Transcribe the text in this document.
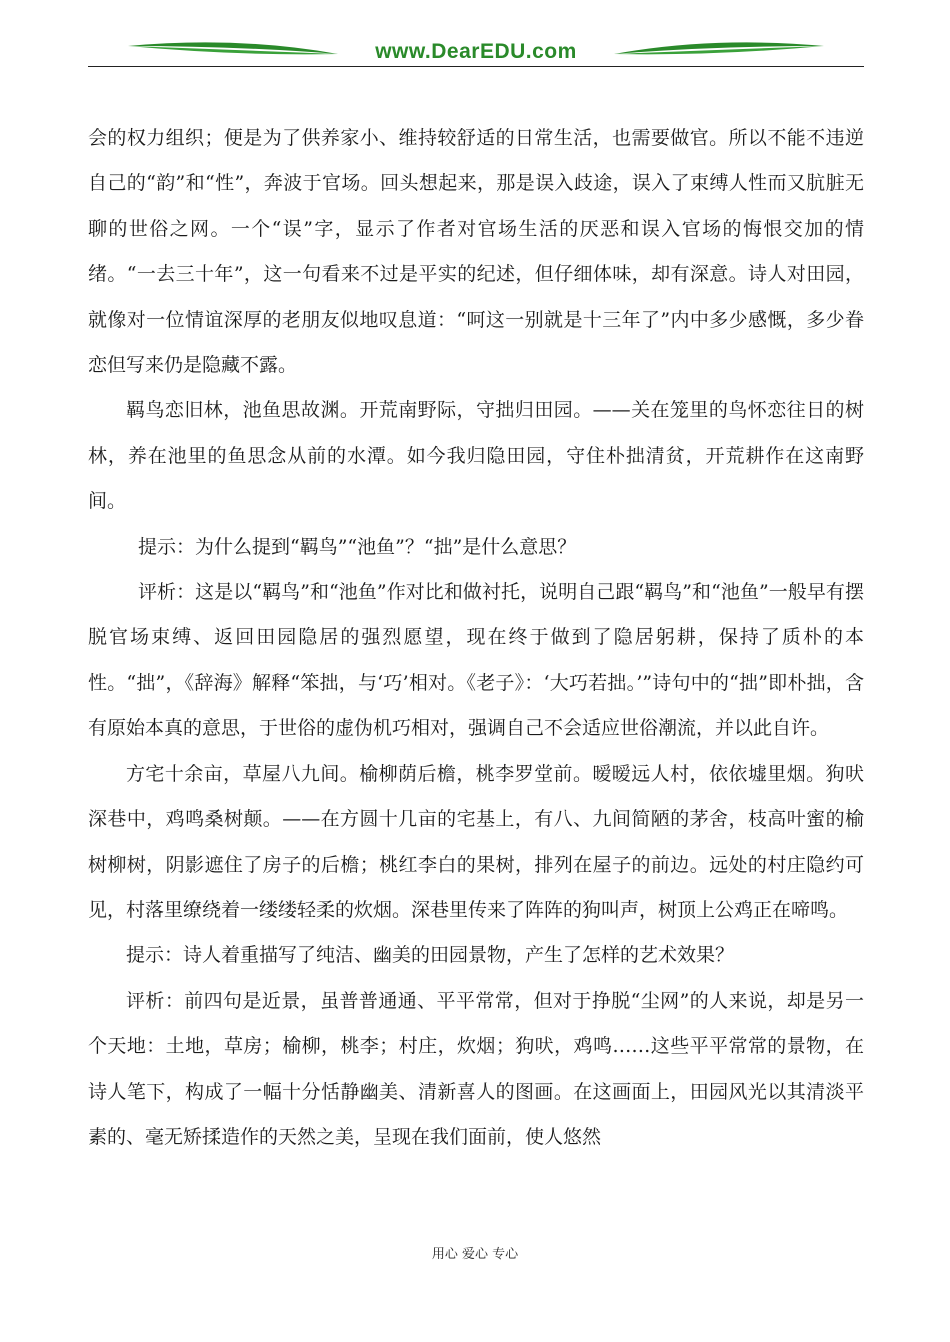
www.DearEDU.com

会的权力组织；便是为了供养家小、维持较舒适的日常生活，也需要做官。所以不能不违逆自己的“韵”和“性”，奔波于官场。回头想起来，那是误入歧途，误入了束缚人性而又肮脏无聊的世俗之网。一个“误”字，显示了作者对官场生活的厌恶和误入官场的悔恨交加的情绪。“一去三十年”，这一句看来不过是平实的纪述，但仔细体味，却有深意。诗人对田园，就像对一位情谊深厚的老朋友似地叹息道：“呵这一别就是十三年了”内中多少感慨，多少眷恋但写来仍是隐藏不露。

羁鸟恋旧林，池鱼思故渊。开荒南野际，守拙归田园。——关在笼里的鸟怀恋往日的树林，养在池里的鱼思念从前的水潭。如今我归隐田园，守住朴拙清贫，开荒耕作在这南野间。

提示：为什么提到“羁鸟”“池鱼”？“拙”是什么意思？

评析：这是以“羁鸟”和“池鱼”作对比和做衬托，说明自己跟“羁鸟”和“池鱼”一般早有摆脱官场束缚、返回田园隐居的强烈愿望，现在终于做到了隐居躬耕，保持了质朴的本性。“拙”，《辞海》解释“笨拙，与‘巧’相对。《老子》：‘大巧若拙。’”诗句中的“拙”即朴拙，含有原始本真的意思，于世俗的虚伪机巧相对，强调自己不会适应世俗潮流，并以此自许。

方宅十余亩，草屋八九间。榆柳荫后檐，桃李罗堂前。暧暧远人村，依依墟里烟。狗吠深巷中，鸡鸣桑树颠。——在方圆十几亩的宅基上，有八、九间简陋的茅舍，枝高叶蜜的榆树柳树，阴影遮住了房子的后檐；桃红李白的果树，排列在屋子的前边。远处的村庄隐约可见，村落里缭绕着一缕缕轻柔的炊烟。深巷里传来了阵阵的狗叫声，树顶上公鸡正在啼鸣。

提示：诗人着重描写了纯洁、幽美的田园景物，产生了怎样的艺术效果？

评析：前四句是近景，虽普普通通、平平常常，但对于挣脱“尘网”的人来说，却是另一个天地：土地，草房；榆柳，桃李；村庄，炊烟；狗吠，鸡鸣……这些平平常常的景物，在诗人笔下，构成了一幅十分恬静幽美、清新喜人的图画。在这画面上，田园风光以其清淡平素的、毫无矫揉造作的天然之美，呈现在我们面前，使人悠然

用心 爱心 专心
